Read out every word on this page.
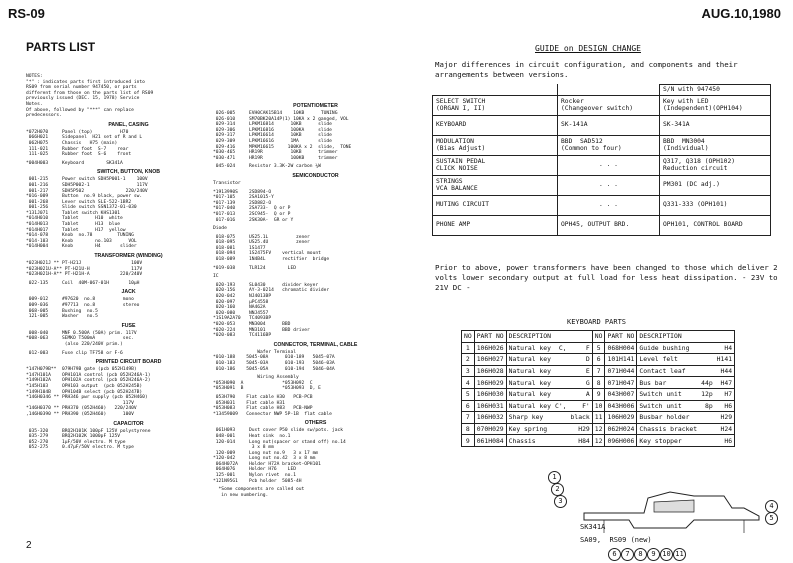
RS-09	AUG.10,1980
PARTS LIST
2
NOTES:
"*" : indicates parts first introduced into
RS09 from serial number 947450, or parts
different from those on the parts list of RS09
previously issued (DEC. 15, 1978) Service
Notes.
Of above, followed by "***" can replace
predecessors.
PANEL, CASING
*072H070     Panel (top)          H70
066H021     Sidepanel  H21 set of R and L
062H075     Chassis   H75 (main)
111-021     Rubber foot  S-7    rear
111-025     Rubber foot  S-6    front
*004H003     Keyboard        SK341A
SWITCH, BUTTON, KNOB
001-215     Power switch SDH5P001-1    100V
001-216     SDH5P002-1                 117V
001-217     SDH5P502               220/240V
*016-009     Button  no.9 black, power sw.
001-268     Lever switch SLE-522-1BR2
001-256     Slide switch SSN1372-01-030
*131J071     Tablet switch KHS1301
*014H010     Tablet      H10  white
*014H013     Tablet      H13  blue
*014H017     Tablet      H17  yellow
*014-078     Knob  no.78         TUNING
*014-103     Knob        no.103      VOL
*014H004     Knob        H4       slider
TRANSFORMER (WINDING)
*023H021J ** PT-H21J                  100V
*023H021U-A** PT-H21U-H               117V
*023H021H-A** PT-H21H-A           220/240V
022-135     Coil  40M-067-01H       10µH
JACK
009-012     #97620  no.8          mono
009-036     #97713  no.8          stereo
068-005     Bushing  no.5
121-005     Washer   no.5
FUSE
008-040     MNF 0.500A (50A) prim. 117V
*008-063     SEMKO T500mA          sec.
(also 220/240V prim.)
012-003     Fuse clip TF758 or F-6
PRINTED CIRCUIT BOARD
*147H079B**  079H79B gate (pcb 052H149B)
*147H101A    OPH101A control (pcb 052H246A-1)
*149H102A    OPH102A control (pcb 052H246A-2)
*145H103     OPH103 output  (pcb 052H245B)
*149H104B    OPH104B select (pcb 052H247B)
*146H0346 ** PRH346 pwr supply (pcb 052H460)
117V
*146H0370 ** PRH370 (052H460)   220/240V
,146H0390 ** PRH390 (052H460)      100V
CAPACITOR
035-320     BRQ2H101K 100pF 125V polystyrene
035-279     BRQ2H102K 1000pF 125V
052-270     1µF/50V electro. M type
052-275     0.47µF/50V electro. M type
POTENTIOMETER
026-005     EVH0CAK15B14    10KB      TUNING
026-010     SM70BK20A14P(1) 10KA x 2 ganged, VOL
029-314     LPKM16814      10KB      slide
029-306     LPKM16816      100KA     slide
029-317     LPKM16614      10KB      slide
029-309     LPKM16616      1MA       slide
029-416     MPKM16615     100KA x 2  slide,  TONE
*030-465     HR19R          10KB      trimmer
*030-471     HR19R          100KB     trimmer
045-024     Resistor 3.3K-2W carbon ¼W
SEMICONDUCTOR
Transistor
*1913990S    2SD894-O
*017-105     2SA1015-Y
*017-139     2SD882-O
*017-040     2SA733-  Q or P
*017-013     2SC945-  Q or P
017-016     2SK30A-  GR or Y
Diode
018-075     US25.1L          zener
018-095     US25.4U          zener
018-081     1S1477
018-094     1S2475FV    vertical mount
018-089     1N4B4L      rectifier  bridge
*019-038     TLR124        LED
IC
020-193     SL0430      divider keyer
020-156     AY-3-0214   chromatic divider
020-042     NJ4013BP
020-097     µPC4558
020-160     NA462A
020-080     NNJ4557
*1S19A2A70   TC4093BP
*020-053     MN3004      BBD
*020-224     MN3101      BBD driver
*020-083     TC4116BP
CONNECTOR, TERMINAL, CABLE
Wafer Terminal
*010-188    5045-08A      010-189   5045-07A
010-183    5045-03A      010-193   5046-03A
010-186    5045-05A      010-194   5046-04A
Wiring Assembly
*053H090  A              *053H092  C
*053H091  B              *053H093  D, E
053H790    Flat cable H30   PCB-PCB
053H031    Flat cable H31
*053H083    Flat cable H83   PCB-NWP
*13459009   Connector NWP 5P-1B  flat cable
OTHERS
061H093     Dust cover P50 slide sw/pots. jack
048-001     Heat sink  no.1
120-014     Long nut(spacer or stand off) no.14
3 x 8 mm
120-009     Long nut no.9   3 x 17 mm
*120-042     Long nut no.42  3 x 8 mm
064H072A    Holder H72A bracket-OPH101
064H076     Holder H76    LED
125-001     Nylon rivet  no.1
*121N95G1    Pcb holder  5085-4H
*Some components are called out
in new numbering.
GUIDE on DESIGN CHANGE
Major differences in circuit configuration, and components and their arrangements between versions.
		S/N with 947450
SELECT SWITCH
(ORGAN I, II)	Rocker
(Changeover switch)	Key with LED
(Independent)(OPH104)
KEYBOARD	SK-141A	SK-341A
MODULATION
(Bias Adjust)	BBD  SAD512
(Common to four)	BBD  MN3004
(Individual)
SUSTAIN PEDAL
CLICK NOISE	. . .	Q317, Q318 (OPH102)
Reduction circuit
STRINGS
VCA BALANCE	. . .	PM301 (DC adj.)
MUTING CIRCUIT	. . .	Q331-333 (OPH101)
PHONE AMP	OPH45, OUTPUT BRD.	OPH101, CONTROL BOARD
Prior to above, power transformers have been changed to those which deliver 2 volts lower secondary output at full load for less heat dissipation. - 23V to 21V DC -
KEYBOARD PARTS
NO	PART NO	DESCRIPTION			NO	PART NO	DESCRIPTION		
1	106H026	Natural key	C,	F	5	068H004	Guide bushing		H4
2	106H027	Natural key		D	6	101H141	Level felt		H141
3	106H028	Natural key		E	7	071H044	Contact leaf		H44
4	106H029	Natural key		G	8	071H047	Bus bar	44p	H47
5	106H030	Natural key		A	9	043H007	Switch unit	12p	H7
6	106H031	Natural key	C',	F'	10	043H006	Switch unit	8p	H6
7	106H032	Sharp key		black	11	106H029	Busbar holder		H29
8	070H029	Key spring		H29	12	062H024	Chassis bracket		H24
9	061H084	Chassis		H84	12	096H006	Key stopper		H6
1
2
3
4
5
6	7	8	9 10 11
SK341A
SA09,  RS09 (new)
